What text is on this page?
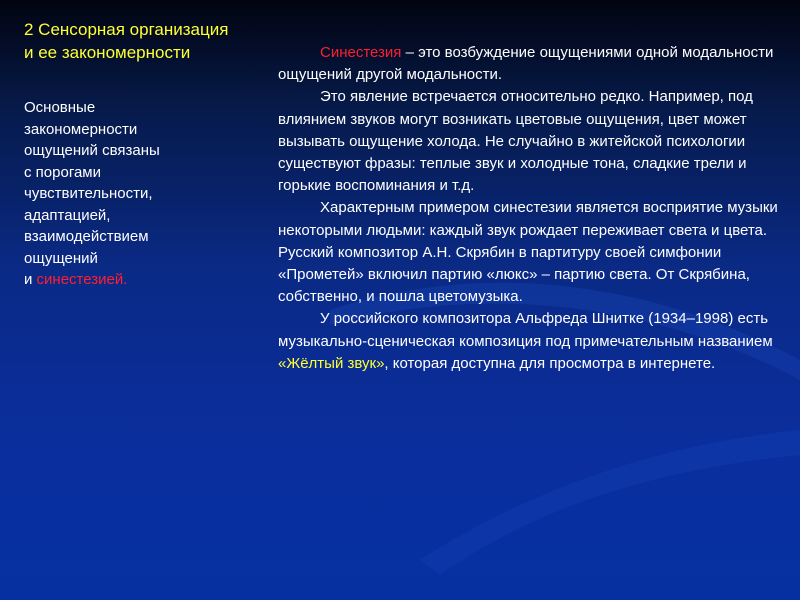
2 Сенсорная организация
и ее закономерности
Основные
закономерности
ощущений связаны
с порогами
чувствительности,
адаптацией,
взаимодействием
ощущений
и синестезией.

Синестезия – это возбуждение ощущениями одной модальности ощущений другой модальности.

Это явление встречается относительно редко. Например, под влиянием звуков могут возникать цветовые ощущения, цвет может вызывать ощущение холода. Не случайно в житейской психологии существуют фразы: теплые звук и холодные тона, сладкие трели и горькие воспоминания и т.д.

Характерным примером синестезии является восприятие музыки некоторыми людьми: каждый звук рождает переживает света и цвета. Русский композитор А.Н. Скрябин в партитуру своей симфонии «Прометей» включил партию «люкс» – партию света. От Скрябина, собственно, и пошла цветомузыка.

У российского композитора Альфреда Шнитке (1934–1998) есть музыкально-сценическая композиция под примечательным названием «Жёлтый звук», которая доступна для просмотра в интернете.
